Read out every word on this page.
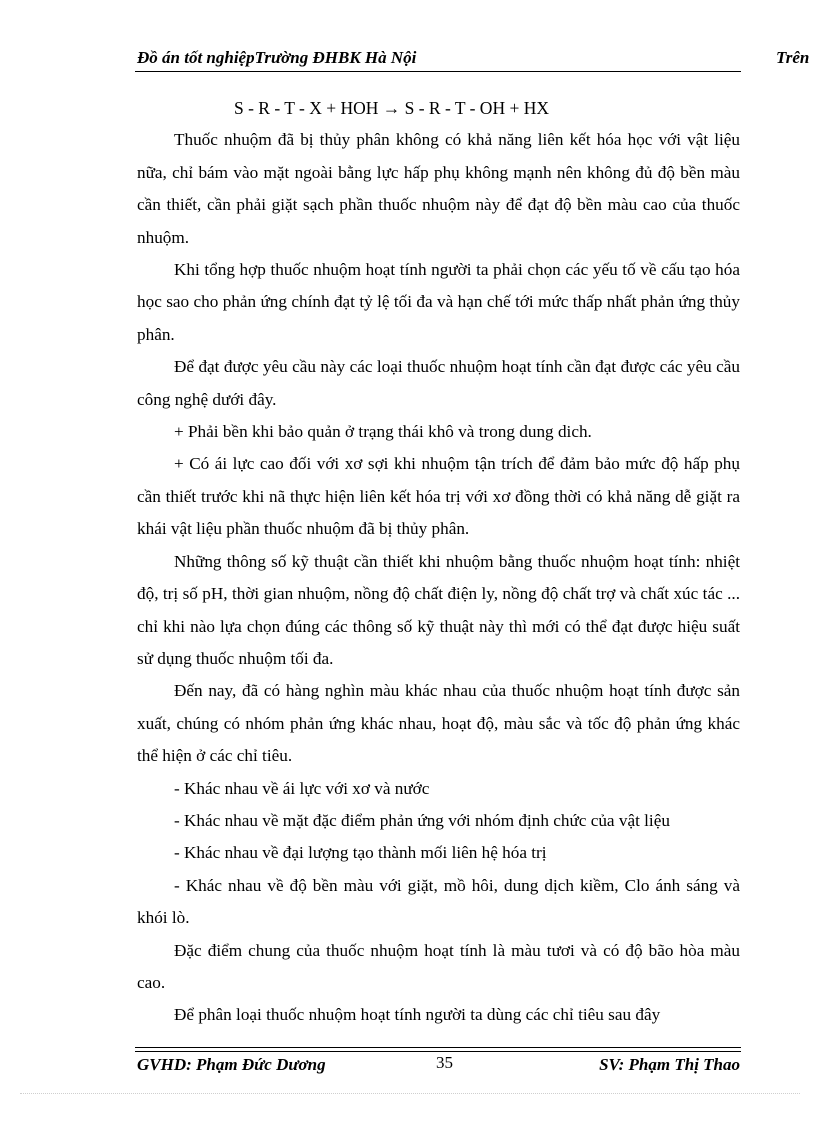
Đồ án tốt nghiệpTrường ĐHBK Hà Nội	Trên

S - R - T - X + HOH → S - R - T - OH + HX

Thuốc nhuộm đã bị thủy phân không có khả năng liên kết hóa học với vật liệu nữa, chỉ bám vào mặt ngoài bằng lực hấp phụ không mạnh nên không đủ độ bền màu cần thiết, cần phải giặt sạch phần thuốc nhuộm này để đạt độ bền màu cao của thuốc nhuộm.

Khi tổng hợp thuốc nhuộm hoạt tính người ta phải chọn các yếu tố về cấu tạo hóa học sao cho phản ứng chính đạt tỷ lệ tối đa và hạn chế tới mức thấp nhất phản ứng thủy phân.

Để đạt được yêu cầu này các loại thuốc nhuộm hoạt tính cần đạt được các yêu cầu công nghệ dưới đây.

+ Phải bền khi bảo quản ở trạng thái khô và trong dung dich.

+ Có ái lực cao đối với xơ sợi khi nhuộm tận trích để đảm bảo mức độ hấp phụ cần thiết trước khi nã thực hiện liên kết hóa trị với xơ đồng thời có khả năng dễ giặt ra khái vật liệu phần thuốc nhuộm đã bị thủy phân.

Những thông số kỹ thuật cần thiết khi nhuộm bằng thuốc nhuộm hoạt tính: nhiệt độ, trị số pH, thời gian nhuộm, nồng độ chất điện ly, nồng độ chất trợ và chất xúc tác ... chỉ khi nào lựa chọn đúng các thông số kỹ thuật này thì mới có thể đạt được hiệu suất sử dụng thuốc nhuộm tối đa.

Đến nay, đã có hàng nghìn màu khác nhau của thuốc nhuộm hoạt tính được sản xuất, chúng có nhóm phản ứng khác nhau, hoạt độ, màu sắc và tốc độ phản ứng khác thể hiện ở các chỉ tiêu.

- Khác nhau về ái lực với xơ và nước

- Khác nhau về mặt đặc điểm phản ứng với nhóm định chức của vật liệu

- Khác nhau về đại lượng tạo thành mối liên hệ hóa trị

- Khác nhau về độ bền màu với giặt, mồ hôi, dung dịch kiềm, Clo ánh sáng và khói lò.

Đặc điểm chung của thuốc nhuộm hoạt tính là màu tươi và có độ bão hòa màu cao.

Để phân loại thuốc nhuộm hoạt tính người ta dùng các chỉ tiêu sau đây

GVHD: Phạm Đức Dương	35	SV: Phạm Thị Thao
